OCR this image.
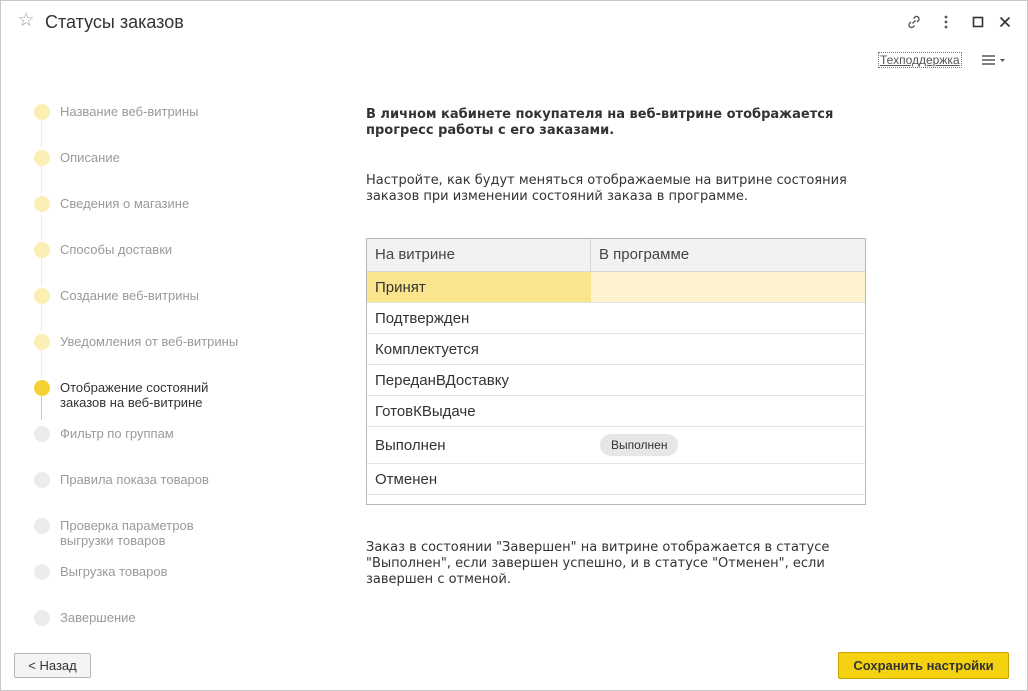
☆ Статусы заказов
Техподдержка
Название веб-витрины
Описание
Сведения о магазине
Способы доставки
Создание веб-витрины
Уведомления от веб-витрины
Отображение состояний
заказов на веб-витрине
Фильтр по группам
Правила показа товаров
Проверка параметров
выгрузки товаров
Выгрузка товаров
Завершение
В личном кабинете покупателя на веб-витрине отображается прогресс работы с его заказами.
Настройте, как будут меняться отображаемые на витрине состояния заказов при изменении состояний заказа в программе.
На витрине	В программе
Принят
Подтвержден
Комплектуется
ПереданВДоставку
ГотовКВыдаче
Выполнен	Выполнен
Отменен
Заказ в состоянии "Завершен" на витрине отображается в статусе "Выполнен", если завершен успешно, и в статусе "Отменен", если завершен с отменой.
< Назад	Сохранить настройки
